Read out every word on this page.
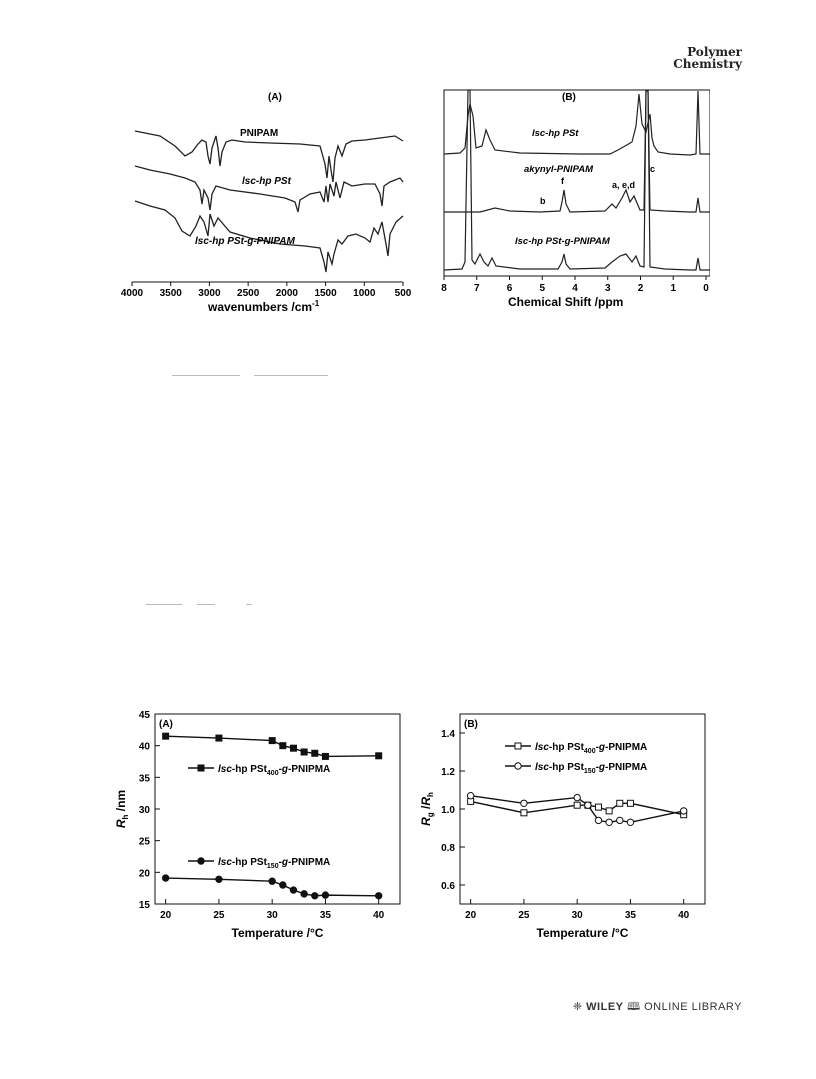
Polymer
Chemistry
(A)
4000 3500 3000 2500 2000 1500 1000 500
wavenumbers $/cm^{-1}$
PNIPAM
lsc-hp PSt
lsc-hp PSt-g-PNIPAM
(B)
8	7	6	5	4	3	2	1	0
Chemical Shift /ppm
lsc-hp PSt
akynyl-PNIPAM
b
f	a, e,d
c
lsc-hp PSt-g-PNIPAM
(A)
20	25	30	35	40
15
20
25
30
35
40
45
Temperature /°C
$R_h$ /nm
lsc-hp PSt$_{400}$-g-PNIPMA
lsc-hp PSt$_{150}$-g-PNIPMA
(B)
20	25	30	35	40
0.6
0.8
1.0
1.2
1.4
Temperature /°C
$R_g$ $/R_h$
lsc-hp PSt$_{400}$-g-PNIPMA
lsc-hp PSt$_{150}$-g-PNIPMA
❈ WILEY 🕮 ONLINE LIBRARY
